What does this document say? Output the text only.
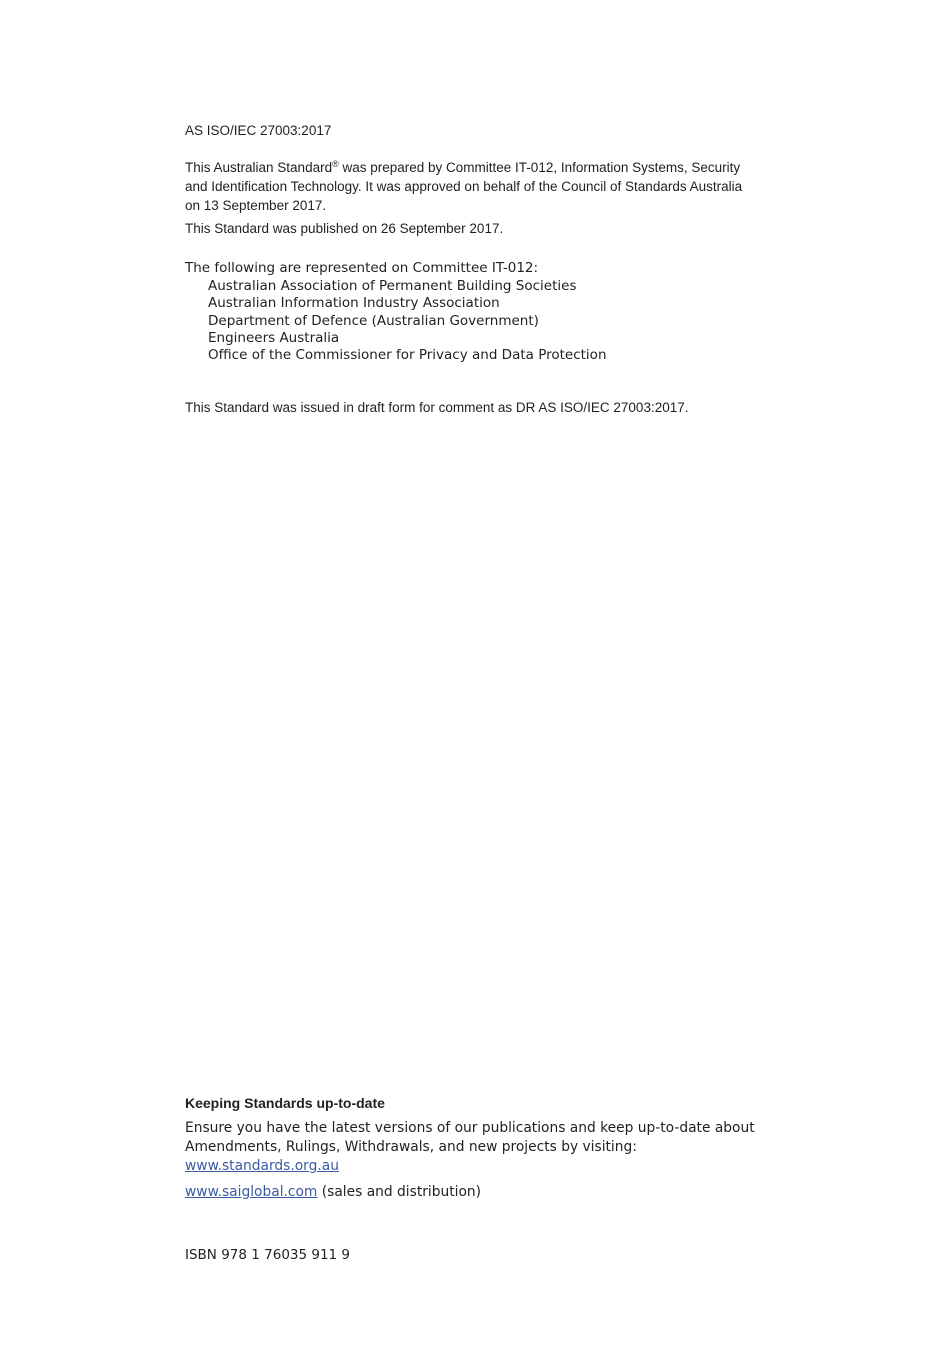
AS ISO/IEC 27003:2017

This Australian Standard® was prepared by Committee IT-012, Information Systems, Security and Identification Technology. It was approved on behalf of the Council of Standards Australia on 13 September 2017.

This Standard was published on 26 September 2017.

The following are represented on Committee IT-012:

Australian Association of Permanent Building Societies
Australian Information Industry Association
Department of Defence (Australian Government)
Engineers Australia
Office of the Commissioner for Privacy and Data Protection

This Standard was issued in draft form for comment as DR AS ISO/IEC 27003:2017.

Keeping Standards up-to-date

Ensure you have the latest versions of our publications and keep up-to-date about Amendments, Rulings, Withdrawals, and new projects by visiting:

www.standards.org.au

www.saiglobal.com (sales and distribution)

ISBN 978 1 76035 911 9
